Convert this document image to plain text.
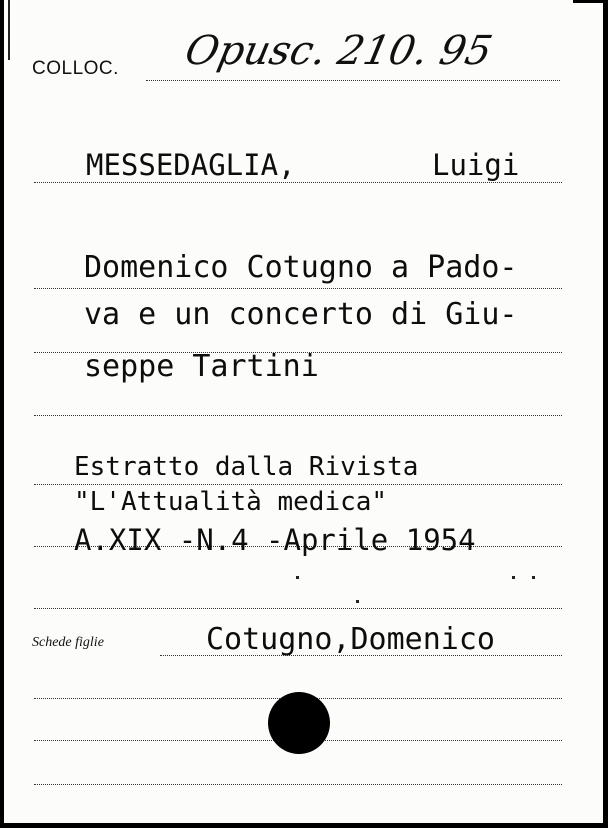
COLLOC. Opusc. 210. 95
MESSEDAGLIA,	Luigi
Domenico Cotugno a Pado-
va e un concerto di Giu-
seppe Tartini
Estratto dalla Rivista
"L'Attualità medica"
A.XIX -N.4 -Aprile 1954
Schede figlie	Cotugno,Domenico
